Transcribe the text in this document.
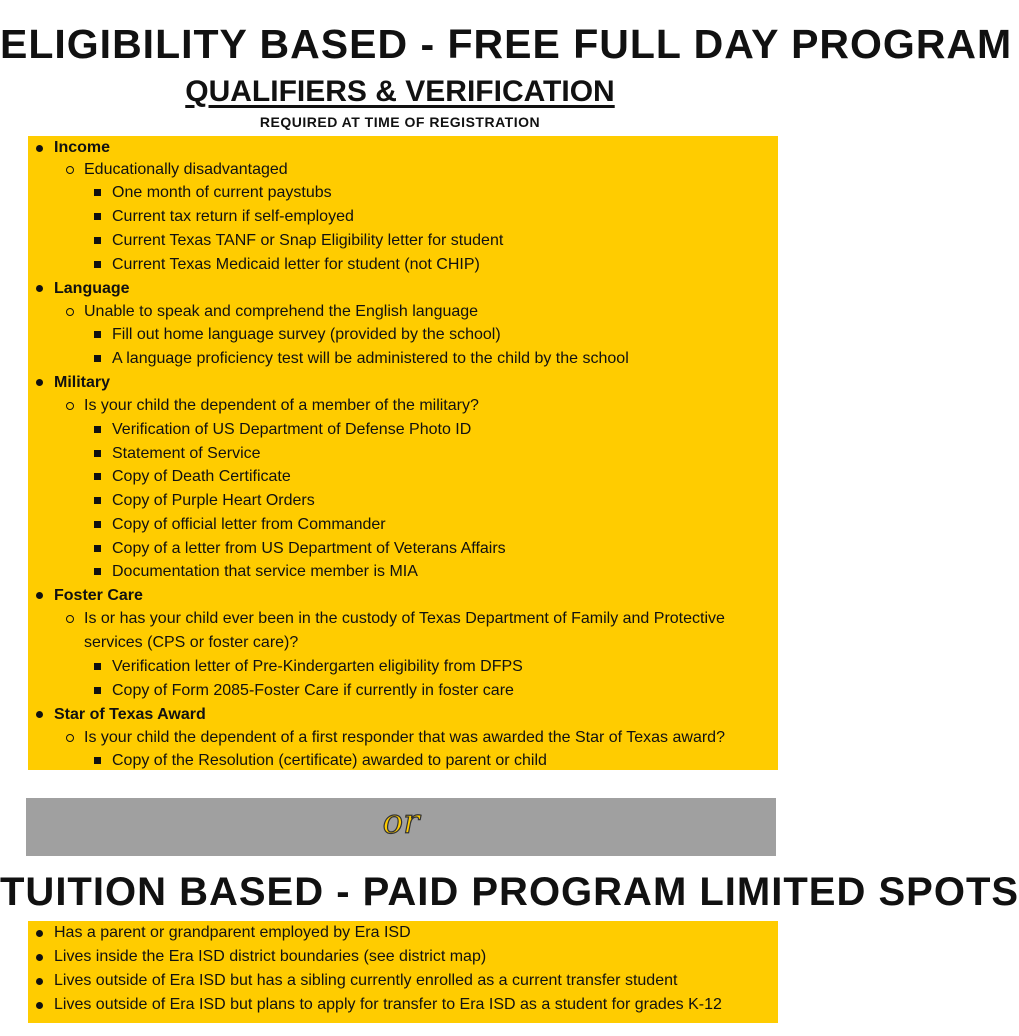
ELIGIBILITY BASED - FREE FULL DAY PROGRAM
QUALIFIERS & VERIFICATION
REQUIRED AT TIME OF REGISTRATION
Income
Educationally disadvantaged
One month of current paystubs
Current tax return if self-employed
Current Texas TANF or Snap Eligibility letter for student
Current Texas Medicaid letter for student (not CHIP)
Language
Unable to speak and comprehend the English language
Fill out home language survey (provided by the school)
A language proficiency test will be administered to the child by the school
Military
Is your child the dependent of a member of the military?
Verification of US Department of Defense Photo ID
Statement of Service
Copy of Death Certificate
Copy of Purple Heart Orders
Copy of official letter from Commander
Copy of a letter from US Department of Veterans Affairs
Documentation that service member is MIA
Foster Care
Is or has your child ever been in the custody of Texas Department of Family and Protective services (CPS or foster care)?
Verification letter of Pre-Kindergarten eligibility from DFPS
Copy of Form 2085-Foster Care if currently in foster care
Star of Texas Award
Is your child the dependent of a first responder that was awarded the Star of Texas award?
Copy of the Resolution (certificate) awarded to parent or child
or
TUITION BASED - PAID PROGRAM LIMITED SPOTS
Has a parent or grandparent employed by Era ISD
Lives inside the Era ISD district boundaries (see district map)
Lives outside of Era ISD but has a sibling currently enrolled as a current transfer student
Lives outside of Era ISD but plans to apply for transfer to Era ISD as a student for grades K-12
